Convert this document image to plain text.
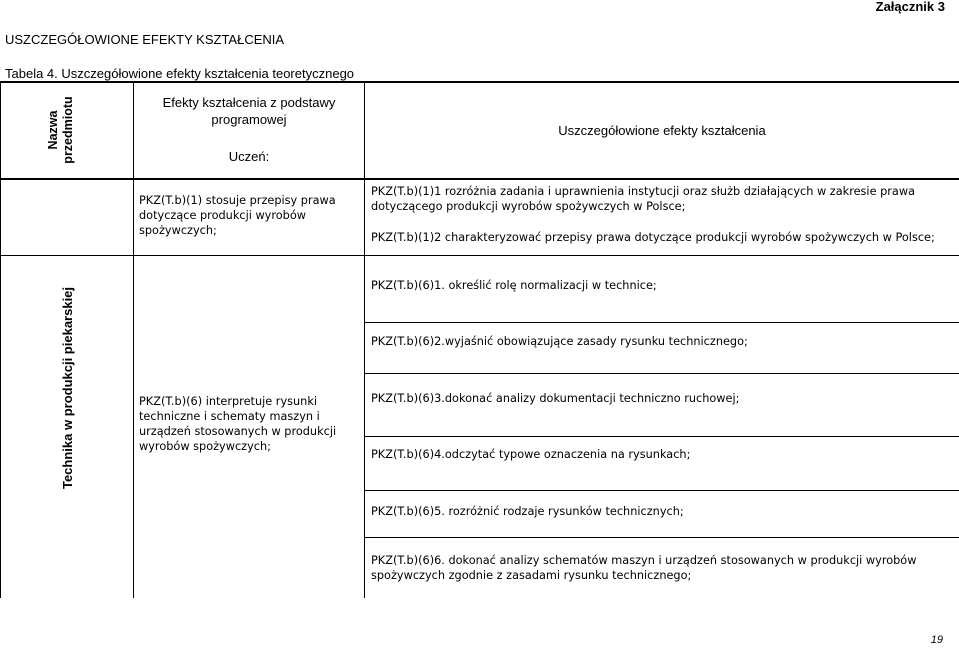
Załącznik 3
USZCZEGÓŁOWIONE EFEKTY KSZTAŁCENIA
Tabela 4. Uszczegółowione efekty kształcenia teoretycznego
Nazwa przedmiotu	Efekty kształcenia z podstawy
programowej
Uczeń:
Uszczegółowione efekty kształcenia
Technika w produkcji piekarskiej
PKZ(T.b)(1) stosuje przepisy prawa dotyczące produkcji wyrobów spożywczych;
PKZ(T.b)(1)1 rozróżnia zadania i uprawnienia instytucji oraz służb działających w zakresie prawa dotyczącego produkcji wyrobów spożywczych w Polsce;
PKZ(T.b)(1)2 charakteryzować przepisy prawa dotyczące produkcji wyrobów spożywczych w Polsce;
PKZ(T.b)(6) interpretuje rysunki techniczne i schematy maszyn i urządzeń stosowanych w produkcji wyrobów spożywczych;
PKZ(T.b)(6)1. określić rolę normalizacji w technice;
PKZ(T.b)(6)2.wyjaśnić obowiązujące zasady rysunku technicznego;
PKZ(T.b)(6)3.dokonać analizy dokumentacji techniczno ruchowej;
PKZ(T.b)(6)4.odczytać typowe oznaczenia na rysunkach;
PKZ(T.b)(6)5. rozróżnić rodzaje rysunków technicznych;
PKZ(T.b)(6)6. dokonać analizy schematów maszyn i urządzeń stosowanych w produkcji wyrobów spożywczych zgodnie z zasadami rysunku technicznego;
19
